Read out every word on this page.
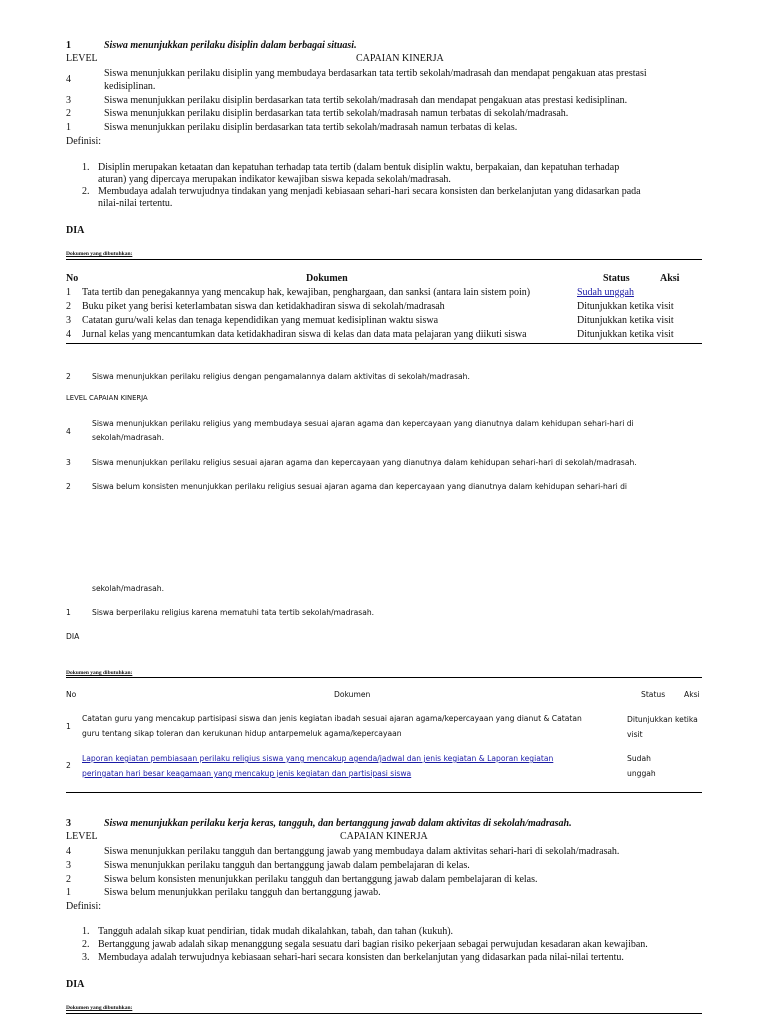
1	Siswa menunjukkan perilaku disiplin dalam berbagai situasi.
LEVEL	CAPAIAN KINERJA
4
Siswa menunjukkan perilaku disiplin yang membudaya berdasarkan tata tertib sekolah/madrasah dan mendapat pengakuan atas prestasi
kedisiplinan.
3	Siswa menunjukkan perilaku disiplin berdasarkan tata tertib sekolah/madrasah dan mendapat pengakuan atas prestasi kedisiplinan.
2	Siswa menunjukkan perilaku disiplin berdasarkan tata tertib sekolah/madrasah namun terbatas di sekolah/madrasah.
1	Siswa menunjukkan perilaku disiplin berdasarkan tata tertib sekolah/madrasah namun terbatas di kelas.
Definisi:
1. Disiplin merupakan ketaatan dan kepatuhan terhadap tata tertib (dalam bentuk disiplin waktu, berpakaian, dan kepatuhan terhadap
aturan) yang dipercaya merupakan indikator kewajiban siswa kepada sekolah/madrasah.
2. Membudaya adalah terwujudnya tindakan yang menjadi kebiasaan sehari-hari secara konsisten dan berkelanjutan yang didasarkan pada
nilai-nilai tertentu.
DIA
Dokumen yang dibutuhkan:
No	Dokumen	Status	Aksi
1 Tata tertib dan penegakannya yang mencakup hak, kewajiban, penghargaan, dan sanksi (antara lain sistem poin)	Sudah unggah
2 Buku piket yang berisi keterlambatan siswa dan ketidakhadiran siswa di sekolah/madrasah	Ditunjukkan ketika visit
3 Catatan guru/wali kelas dan tenaga kependidikan yang memuat kedisiplinan waktu siswa	Ditunjukkan ketika visit
4 Jurnal kelas yang mencantumkan data ketidakhadiran siswa di kelas dan data mata pelajaran yang diikuti siswa	Ditunjukkan ketika visit
2	Siswa menunjukkan perilaku religius dengan pengamalannya dalam aktivitas di sekolah/madrasah.
LEVEL CAPAIAN KINERJA
4
Siswa menunjukkan perilaku religius yang membudaya sesuai ajaran agama dan kepercayaan yang dianutnya dalam kehidupan sehari-hari di
sekolah/madrasah.
3	Siswa menunjukkan perilaku religius sesuai ajaran agama dan kepercayaan yang dianutnya dalam kehidupan sehari-hari di sekolah/madrasah.
2	Siswa belum konsisten menunjukkan perilaku religius sesuai ajaran agama dan kepercayaan yang dianutnya dalam kehidupan sehari-hari di
sekolah/madrasah.
1	Siswa berperilaku religius karena mematuhi tata tertib sekolah/madrasah.
DIA
Dokumen yang dibutuhkan:
No	Dokumen	Status Aksi
1
Catatan guru yang mencakup partisipasi siswa dan jenis kegiatan ibadah sesuai ajaran agama/kepercayaan yang dianut & Catatan
guru tentang sikap toleran dan kerukunan hidup antarpemeluk agama/kepercayaan
Ditunjukkan ketika
visit
2
Laporan kegiatan pembiasaan perilaku religius siswa yang mencakup agenda/jadwal dan jenis kegiatan & Laporan kegiatan
peringatan hari besar keagamaan yang mencakup jenis kegiatan dan partisipasi siswa
Sudah
unggah
3	Siswa menunjukkan perilaku kerja keras, tangguh, dan bertanggung jawab dalam aktivitas di sekolah/madrasah.
LEVEL	CAPAIAN KINERJA
4	Siswa menunjukkan perilaku tangguh dan bertanggung jawab yang membudaya dalam aktivitas sehari-hari di sekolah/madrasah.
3	Siswa menunjukkan perilaku tangguh dan bertanggung jawab dalam pembelajaran di kelas.
2	Siswa belum konsisten menunjukkan perilaku tangguh dan bertanggung jawab dalam pembelajaran di kelas.
1	Siswa belum menunjukkan perilaku tangguh dan bertanggung jawab.
Definisi:
1. Tangguh adalah sikap kuat pendirian, tidak mudah dikalahkan, tabah, dan tahan (kukuh).
2. Bertanggung jawab adalah sikap menanggung segala sesuatu dari bagian risiko pekerjaan sebagai perwujudan kesadaran akan kewajiban.
3. Membudaya adalah terwujudnya kebiasaan sehari-hari secara konsisten dan berkelanjutan yang didasarkan pada nilai-nilai tertentu.
DIA
Dokumen yang dibutuhkan:
